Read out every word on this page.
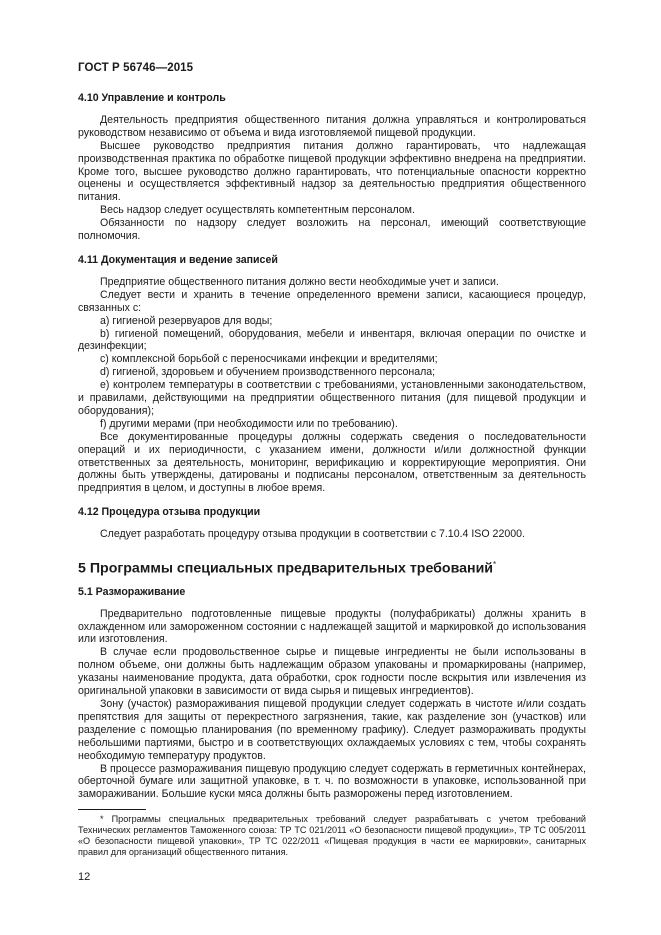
ГОСТ Р 56746—2015
4.10 Управление и контроль

Деятельность предприятия общественного питания должна управляться и контролироваться руководством независимо от объема и вида изготовляемой пищевой продукции.

Высшее руководство предприятия питания должно гарантировать, что надлежащая производственная практика по обработке пищевой продукции эффективно внедрена на предприятии. Кроме того, высшее руководство должно гарантировать, что потенциальные опасности корректно оценены и осуществляется эффективный надзор за деятельностью предприятия общественного питания.

Весь надзор следует осуществлять компетентным персоналом.

Обязанности по надзору следует возложить на персонал, имеющий соответствующие полномочия.

4.11 Документация и ведение записей

Предприятие общественного питания должно вести необходимые учет и записи.

Следует вести и хранить в течение определенного времени записи, касающиеся процедур, связанных с:

a) гигиеной резервуаров для воды;

b) гигиеной помещений, оборудования, мебели и инвентаря, включая операции по очистке и дезинфекции;

c) комплексной борьбой с переносчиками инфекции и вредителями;

d) гигиеной, здоровьем и обучением производственного персонала;

e) контролем температуры в соответствии с требованиями, установленными законодательством, и правилами, действующими на предприятии общественного питания (для пищевой продукции и оборудования);

f) другими мерами (при необходимости или по требованию).

Все документированные процедуры должны содержать сведения о последовательности операций и их периодичности, с указанием имени, должности и/или должностной функции ответственных за деятельность, мониторинг, верификацию и корректирующие мероприятия. Они должны быть утверждены, датированы и подписаны персоналом, ответственным за деятельность предприятия в целом, и доступны в любое время.

4.12 Процедура отзыва продукции

Следует разработать процедуру отзыва продукции в соответствии с 7.10.4 ISO 22000.

5 Программы специальных предварительных требований*
5.1 Размораживание

Предварительно подготовленные пищевые продукты (полуфабрикаты) должны хранить в охлажденном или замороженном состоянии с надлежащей защитой и маркировкой до использования или изготовления.

В случае если продовольственное сырье и пищевые ингредиенты не были использованы в полном объеме, они должны быть надлежащим образом упакованы и промаркированы (например, указаны наименование продукта, дата обработки, срок годности после вскрытия или извлечения из оригинальной упаковки в зависимости от вида сырья и пищевых ингредиентов).

Зону (участок) размораживания пищевой продукции следует содержать в чистоте и/или создать препятствия для защиты от перекрестного загрязнения, такие, как разделение зон (участков) или разделение с помощью планирования (по временному графику). Следует размораживать продукты небольшими партиями, быстро и в соответствующих охлаждаемых условиях с тем, чтобы сохранять необходимую температуру продуктов.

В процессе размораживания пищевую продукцию следует содержать в герметичных контейнерах, оберточной бумаге или защитной упаковке, в т. ч. по возможности в упаковке, использованной при замораживании. Большие куски мяса должны быть разморожены перед изготовлением.

* Программы специальных предварительных требований следует разрабатывать с учетом требований Технических регламентов Таможенного союза: ТР ТС 021/2011 «О безопасности пищевой продукции», ТР ТС 005/2011 «О безопасности пищевой упаковки», ТР ТС 022/2011 «Пищевая продукция в части ее маркировки», санитарных правил для организаций общественного питания.

12
